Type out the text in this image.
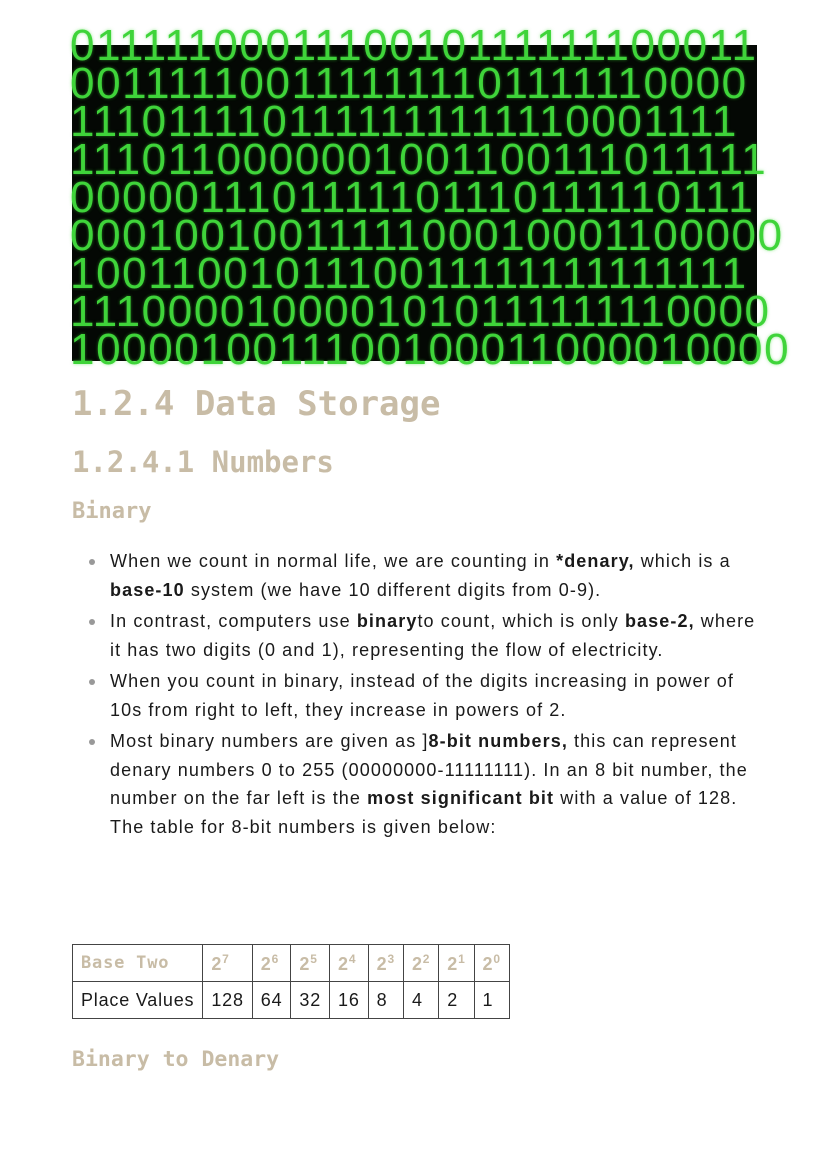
0111110001110010111111100011
0011111001111111101111110000
1110111101111111111110001111
1110110000001001100111011111
0000011101111101110111110111
0001001001111100010001100000
1001100101110011111111111111
1110000100001010111111110000
1000010011100100011000010000
1.2.4 Data Storage
1.2.4.1 Numbers
Binary
When we count in normal life, we are counting in *denary, which is a base-10 system (we have 10 different digits from 0-9).
In contrast, computers use binaryto count, which is only base-2, where it has two digits (0 and 1), representing the flow of electricity.
When you count in binary, instead of the digits increasing in power of 10s from right to left, they increase in powers of 2.
Most binary numbers are given as ]8-bit numbers, this can represent denary numbers 0 to 255 (00000000-11111111). In an 8 bit number, the number on the far left is the most significant bit with a value of 128. The table for 8-bit numbers is given below:
Base Two	$2^7$	$2^6$	$2^5$	$2^4$	$2^3$	$2^2$	$2^1$	$2^0$
Place Values	128	64	32	16	8	4	2	1
Binary to Denary
